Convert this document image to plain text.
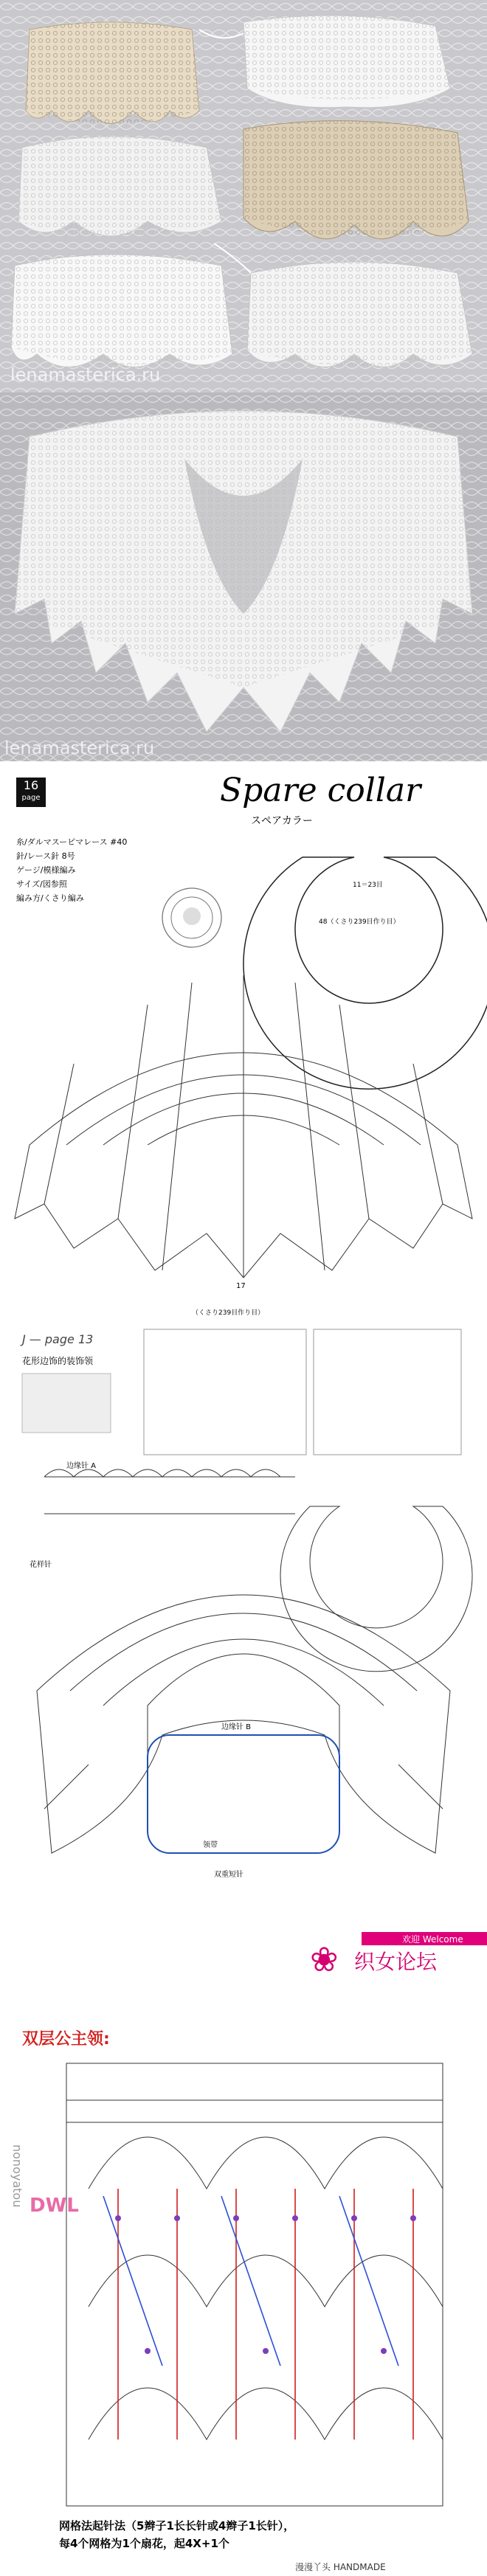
lenamasterica.ru
lenamasterica.ru
16
page	Spare collar
スペアカラー
糸/ダルマスーピマレース #40
針/レース針 8号
ゲージ/模様編み
サイズ/図参照
編み方/くさり編み
11＝23目
48（くさり239目作り目）
（くさり239目作り目）
17
J — page 13
花形边饰的装饰领
❀
边缘针 A
花样针
边缘针 B
领带
双重短针
欢迎 Welcome
织女论坛
双层公主领:
nonoyatou DWL
网格法起针法（5辫子1长长针或4辫子1长针），
每4个网格为1个扇花，起4X+1个
漫漫丫头 HANDMADE
